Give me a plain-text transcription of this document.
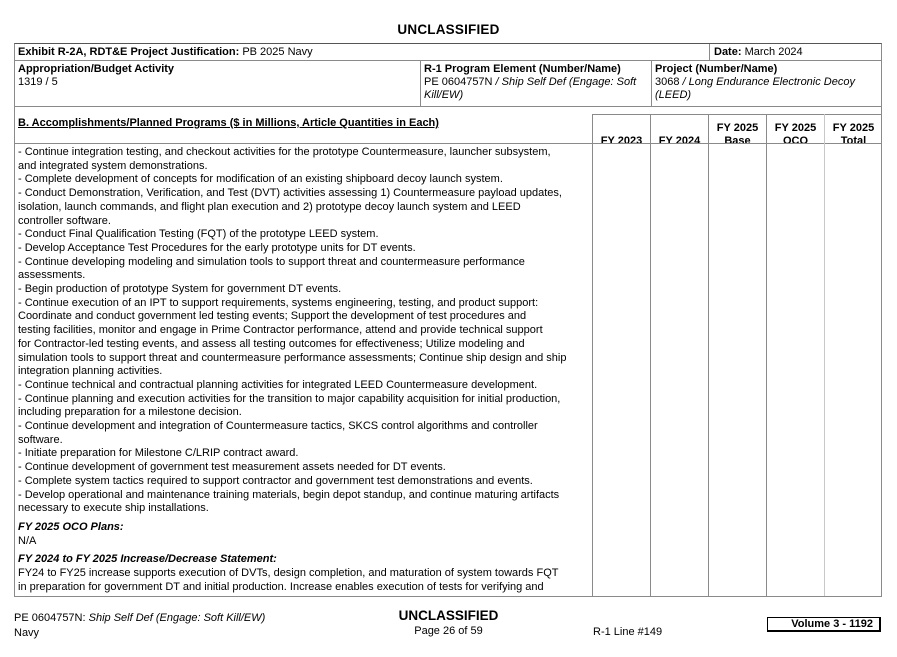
UNCLASSIFIED
Exhibit R-2A, RDT&E Project Justification: PB 2025 Navy	Date: March 2024
Appropriation/Budget Activity
1319 / 5
R-1 Program Element (Number/Name)
PE 0604757N / Ship Self Def (Engage: Soft
Kill/EW)
Project (Number/Name)
3068 / Long Endurance Electronic Decoy
(LEED)
B. Accomplishments/Planned Programs ($ in Millions, Article Quantities in Each)
FY 2023 FY 2024
FY 2025
Base
FY 2025
OCO
FY 2025
Total
- Continue integration testing, and checkout activities for the prototype Countermeasure, launcher subsystem,
and integrated system demonstrations.
- Complete development of concepts for modification of an existing shipboard decoy launch system.
- Conduct Demonstration, Verification, and Test (DVT) activities assessing 1) Countermeasure payload updates,
isolation, launch commands, and flight plan execution and 2) prototype decoy launch system and LEED
controller software.
- Conduct Final Qualification Testing (FQT) of the prototype LEED system.
- Develop Acceptance Test Procedures for the early prototype units for DT events.
- Continue developing modeling and simulation tools to support threat and countermeasure performance
assessments.
- Begin production of prototype System for government DT events.
- Continue execution of an IPT to support requirements, systems engineering, testing, and product support:
Coordinate and conduct government led testing events; Support the development of test procedures and
testing facilities, monitor and engage in Prime Contractor performance, attend and provide technical support
for Contractor-led testing events, and assess all testing outcomes for effectiveness; Utilize modeling and
simulation tools to support threat and countermeasure performance assessments; Continue ship design and ship
integration planning activities.
- Continue technical and contractual planning activities for integrated LEED Countermeasure development.
- Continue planning and execution activities for the transition to major capability acquisition for initial production,
including preparation for a milestone decision.
- Continue development and integration of Countermeasure tactics, SKCS control algorithms and controller
software.
- Initiate preparation for Milestone C/LRIP contract award.
- Continue development of government test measurement assets needed for DT events.
- Complete system tactics required to support contractor and government test demonstrations and events.
- Develop operational and maintenance training materials, begin depot standup, and continue maturing artifacts
necessary to execute ship installations.
FY 2025 OCO Plans:
N/A
FY 2024 to FY 2025 Increase/Decrease Statement:
FY24 to FY25 increase supports execution of DVTs, design completion, and maturation of system towards FQT
in preparation for government DT and initial production. Increase enables execution of tests for verifying and
PE 0604757N: Ship Self Def (Engage: Soft Kill/EW)
Navy
UNCLASSIFIED
Page 26 of 59	R-1 Line #149
Volume 3 - 1192
